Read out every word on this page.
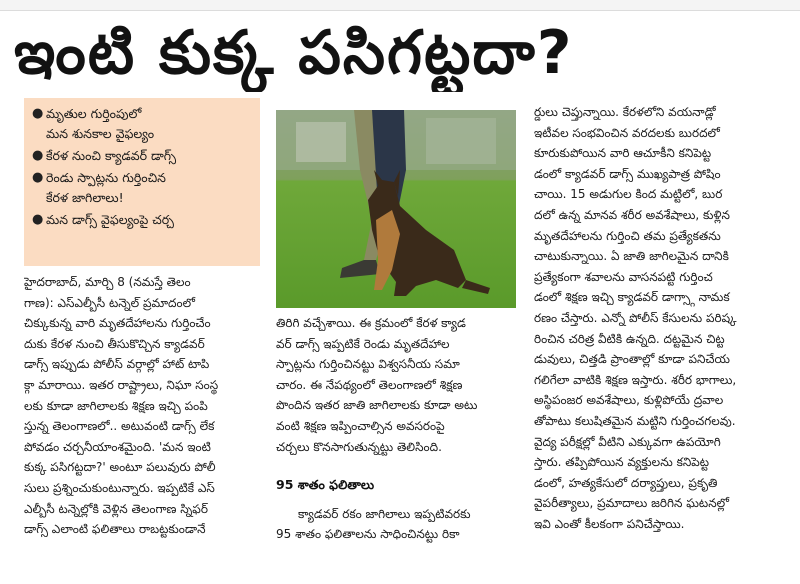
ఇంటి కుక్క పసిగట్టదా?
● మృతుల గుర్తింపులో
మన శునకాల వైఫల్యం
● కేరళ నుంచి క్యాడవర్ డాగ్స్
● రెండు స్పాట్లను గుర్తించిన
కేరళ జాగిలాలు!
● మన డాగ్స్ వైఫల్యంపై చర్చ
హైదరాబాద్, మార్చి 8 (నమస్తే తెలం
గాణ): ఎస్ఎల్బీసీ టన్నెల్ ప్రమాదంలో
చిక్కుకున్న వారి మృతదేహాలను గుర్తించేం
దుకు కేరళ నుంచి తీసుకొచ్చిన క్యాడవర్
డాగ్స్ ఇప్పుడు పోలీస్ వర్గాల్లో హాట్ టాపి
క్గా మారాయి. ఇతర రాష్ట్రాలు, నిఘా సంస్థ
లకు కూడా జాగిలాలకు శిక్షణ ఇచ్చి పంపి
స్తున్న తెలంగాణలో.. అటువంటి డాగ్స్ లేక
పోవడం చర్చనీయాంశమైంది. 'మన ఇంటి
కుక్క పసిగట్టదా?' అంటూ పలువురు పోలీ
సులు ప్రశ్నించుకుంటున్నారు. ఇప్పటికే ఎస్
ఎల్బీసీ టన్నెల్లోకి వెళ్లిన తెలంగాణ స్నిఫర్
డాగ్స్ ఎలాంటి ఫలితాలు రాబట్టకుండానే
తిరిగి వచ్చేశాయి. ఈ క్రమంలో కేరళ క్యాడ
వర్ డాగ్స్ ఇప్పటికే రెండు మృతదేహాల
స్పాట్లను గుర్తించినట్టు విశ్వసనీయ సమా
చారం. ఈ నేపథ్యంలో తెలంగాణలో శిక్షణ
పొందిన ఇతర జాతి జాగిలాలకు కూడా అటు
వంటి శిక్షణ ఇప్పించాల్సిన అవసరంపై
చర్చలు కొనసాగుతున్నట్టు తెలిసింది.
95 శాతం ఫలితాలు
క్యాడవర్ రకం జాగిలాలు ఇప్పటివరకు
95 శాతం ఫలితాలను సాధించినట్టు రికా
ర్డులు చెప్తున్నాయి. కేరళలోని వయనాడ్లో
ఇటీవల సంభవించిన వరదలకు బురదలో
కూరుకుపోయిన వారి ఆచూకీని కనిపెట్ట
డంలో క్యాడవర్ డాగ్స్ ముఖ్యపాత్ర పోషిం
చాయి. 15 అడుగుల కింద మట్టిలో, బుర
దలో ఉన్న మానవ శరీర అవశేషాలు, కుళ్లిన
మృతదేహాలను గుర్తించి తమ ప్రత్యేకతను
చాటుకున్నాయి. ఏ జాతి జాగిలమైన దానికి
ప్రత్యేకంగా శవాలను వాసనపట్టి గుర్తించ
డంలో శిక్షణ ఇచ్చి క్యాడవర్ డాగ్స్గా నామక
రణం చేస్తారు. ఎన్నో పోలీస్ కేసులను పరిష్క
రించిన చరిత్ర వీటికి ఉన్నది. దట్టమైన చిట్ట
డువులు, చిత్తడి ప్రాంతాల్లో కూడా పనిచేయ
గలిగేలా వాటికి శిక్షణ ఇస్తారు. శరీర భాగాలు,
అస్థిపంజర అవశేషాలు, కుళ్లిపోయే ద్రవాల
తోపాటు కలుషితమైన మట్టిని గుర్తించగలవు.
వైద్య పరీక్షల్లో వీటిని ఎక్కువగా ఉపయోగి
స్తారు. తప్పిపోయిన వ్యక్తులను కనిపెట్ట
డంలో, హత్యకేసులో దర్యాప్తులు, ప్రకృతి
వైపరీత్యాలు, ప్రమాదాలు జరిగిన ఘటనల్లో
ఇవి ఎంతో కీలకంగా పనిచేస్తాయి.
